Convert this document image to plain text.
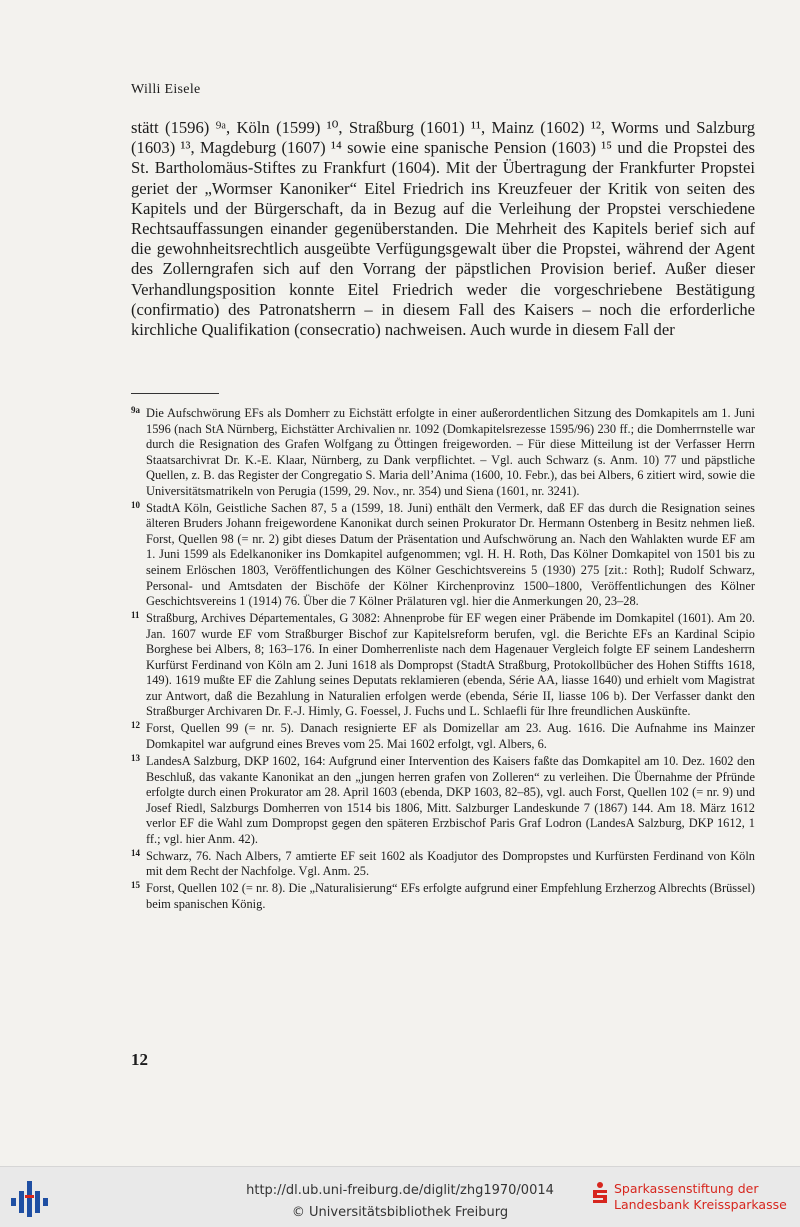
Willi Eisele

stätt (1596) ⁹ᵃ, Köln (1599) ¹⁰, Straßburg (1601) ¹¹, Mainz (1602) ¹², Worms und Salzburg (1603) ¹³, Magdeburg (1607) ¹⁴ sowie eine spanische Pension (1603) ¹⁵ und die Propstei des St. Bartholomäus-Stiftes zu Frankfurt (1604). Mit der Übertragung der Frankfurter Propstei geriet der „Wormser Kanoniker“ Eitel Friedrich ins Kreuzfeuer der Kritik von seiten des Kapitels und der Bürgerschaft, da in Bezug auf die Verleihung der Propstei verschiedene Rechtsauffassungen einander gegenüberstanden. Die Mehrheit des Kapitels berief sich auf die gewohnheitsrechtlich ausgeübte Verfügungsgewalt über die Propstei, während der Agent des Zollerngrafen sich auf den Vorrang der päpstlichen Provision berief. Außer dieser Verhandlungsposition konnte Eitel Friedrich weder die vorgeschriebene Bestätigung (confirmatio) des Patronatsherrn – in diesem Fall des Kaisers – noch die erforderliche kirchliche Qualifikation (consecratio) nachweisen. Auch wurde in diesem Fall der

9a Die Aufschwörung EFs als Domherr zu Eichstätt erfolgte in einer außerordentlichen Sitzung des Domkapitels am 1. Juni 1596 (nach StA Nürnberg, Eichstätter Archivalien nr. 1092 (Domkapitelsrezesse 1595/96) 230 ff.; die Domherrnstelle war durch die Resignation des Grafen Wolfgang zu Öttingen freigeworden. – Für diese Mitteilung ist der Verfasser Herrn Staatsarchivrat Dr. K.-E. Klaar, Nürnberg, zu Dank verpflichtet. – Vgl. auch Schwarz (s. Anm. 10) 77 und päpstliche Quellen, z. B. das Register der Congregatio S. Maria dell’Anima (1600, 10. Febr.), das bei Albers, 6 zitiert wird, sowie die Universitätsmatrikeln von Perugia (1599, 29. Nov., nr. 354) und Siena (1601, nr. 3241).
10 StadtA Köln, Geistliche Sachen 87, 5 a (1599, 18. Juni) enthält den Vermerk, daß EF das durch die Resignation seines älteren Bruders Johann freigewordene Kanonikat durch seinen Prokurator Dr. Hermann Ostenberg in Besitz nehmen ließ. Forst, Quellen 98 (= nr. 2) gibt dieses Datum der Präsentation und Aufschwörung an. Nach den Wahlakten wurde EF am 1. Juni 1599 als Edelkanoniker ins Domkapitel aufgenommen; vgl. H. H. Roth, Das Kölner Domkapitel von 1501 bis zu seinem Erlöschen 1803, Veröffentlichungen des Kölner Geschichtsvereins 5 (1930) 275 [zit.: Roth]; Rudolf Schwarz, Personal- und Amtsdaten der Bischöfe der Kölner Kirchenprovinz 1500–1800, Veröffentlichungen des Kölner Geschichtsvereins 1 (1914) 76. Über die 7 Kölner Prälaturen vgl. hier die Anmerkungen 20, 23–28.
11 Straßburg, Archives Départementales, G 3082: Ahnenprobe für EF wegen einer Präbende im Domkapitel (1601). Am 20. Jan. 1607 wurde EF vom Straßburger Bischof zur Kapitelsreform berufen, vgl. die Berichte EFs an Kardinal Scipio Borghese bei Albers, 8; 163–176. In einer Domherrenliste nach dem Hagenauer Vergleich folgte EF seinem Landesherrn Kurfürst Ferdinand von Köln am 2. Juni 1618 als Dompropst (StadtA Straßburg, Protokollbücher des Hohen Stiffts 1618, 149). 1619 mußte EF die Zahlung seines Deputats reklamieren (ebenda, Série AA, liasse 1640) und erhielt vom Magistrat zur Antwort, daß die Bezahlung in Naturalien erfolgen werde (ebenda, Série II, liasse 106 b). Der Verfasser dankt den Straßburger Archivaren Dr. F.-J. Himly, G. Foessel, J. Fuchs und L. Schlaefli für Ihre freundlichen Auskünfte.
12 Forst, Quellen 99 (= nr. 5). Danach resignierte EF als Domizellar am 23. Aug. 1616. Die Aufnahme ins Mainzer Domkapitel war aufgrund eines Breves vom 25. Mai 1602 erfolgt, vgl. Albers, 6.
13 LandesA Salzburg, DKP 1602, 164: Aufgrund einer Intervention des Kaisers faßte das Domkapitel am 10. Dez. 1602 den Beschluß, das vakante Kanonikat an den „jungen herren grafen von Zolleren“ zu verleihen. Die Übernahme der Pfründe erfolgte durch einen Prokurator am 28. April 1603 (ebenda, DKP 1603, 82–85), vgl. auch Forst, Quellen 102 (= nr. 9) und Josef Riedl, Salzburgs Domherren von 1514 bis 1806, Mitt. Salzburger Landeskunde 7 (1867) 144. Am 18. März 1612 verlor EF die Wahl zum Dompropst gegen den späteren Erzbischof Paris Graf Lodron (LandesA Salzburg, DKP 1612, 1 ff.; vgl. hier Anm. 42).
14 Schwarz, 76. Nach Albers, 7 amtierte EF seit 1602 als Koadjutor des Dompropstes und Kurfürsten Ferdinand von Köln mit dem Recht der Nachfolge. Vgl. Anm. 25.
15 Forst, Quellen 102 (= nr. 8). Die „Naturalisierung“ EFs erfolgte aufgrund einer Empfehlung Erzherzog Albrechts (Brüssel) beim spanischen König.
12
http://dl.ub.uni-freiburg.de/diglit/zhg1970/0014
© Universitätsbibliothek Freiburg
Sparkassenstiftung der
Landesbank Kreissparkasse
